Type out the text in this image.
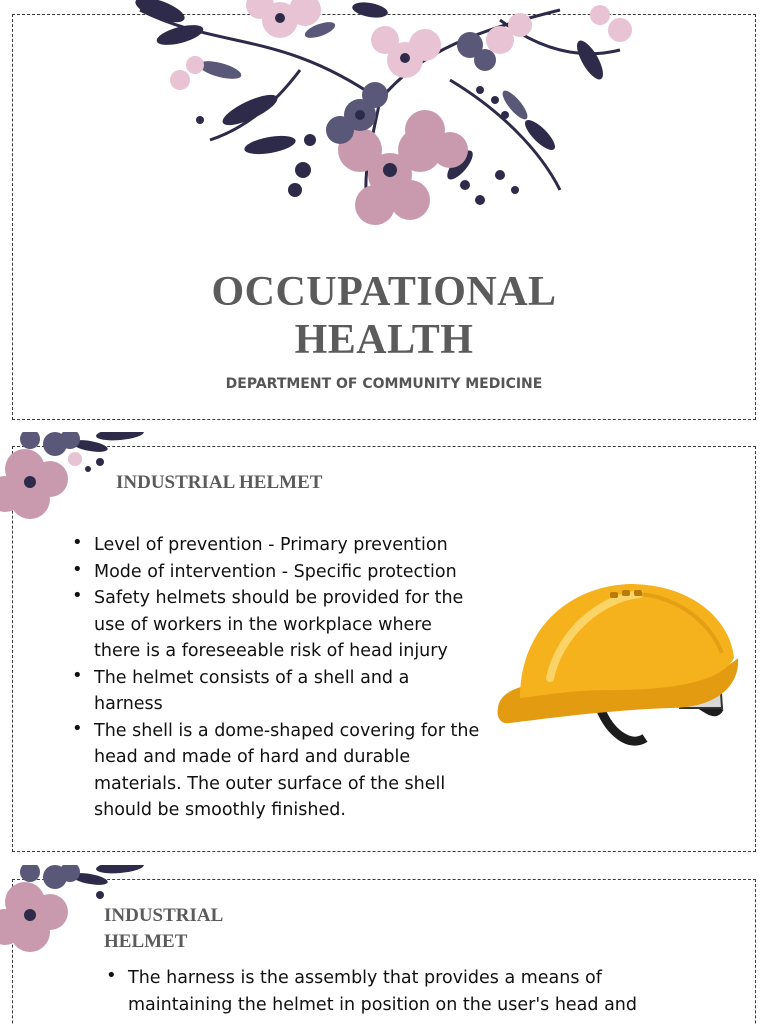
OCCUPATIONAL
HEALTH
DEPARTMENT OF COMMUNITY MEDICINE
INDUSTRIAL HELMET
• Level of prevention - Primary prevention
• Mode of intervention - Specific protection
• Safety helmets should be provided for the use of workers in the workplace where there is a foreseeable risk of head injury
• The helmet consists of a shell and a harness
• The shell is a dome-shaped covering for the head and made of hard and durable materials. The outer surface of the shell should be smoothly finished.
INDUSTRIAL
HELMET
• The harness is the assembly that provides a means of maintaining the helmet in position on the user's head and
